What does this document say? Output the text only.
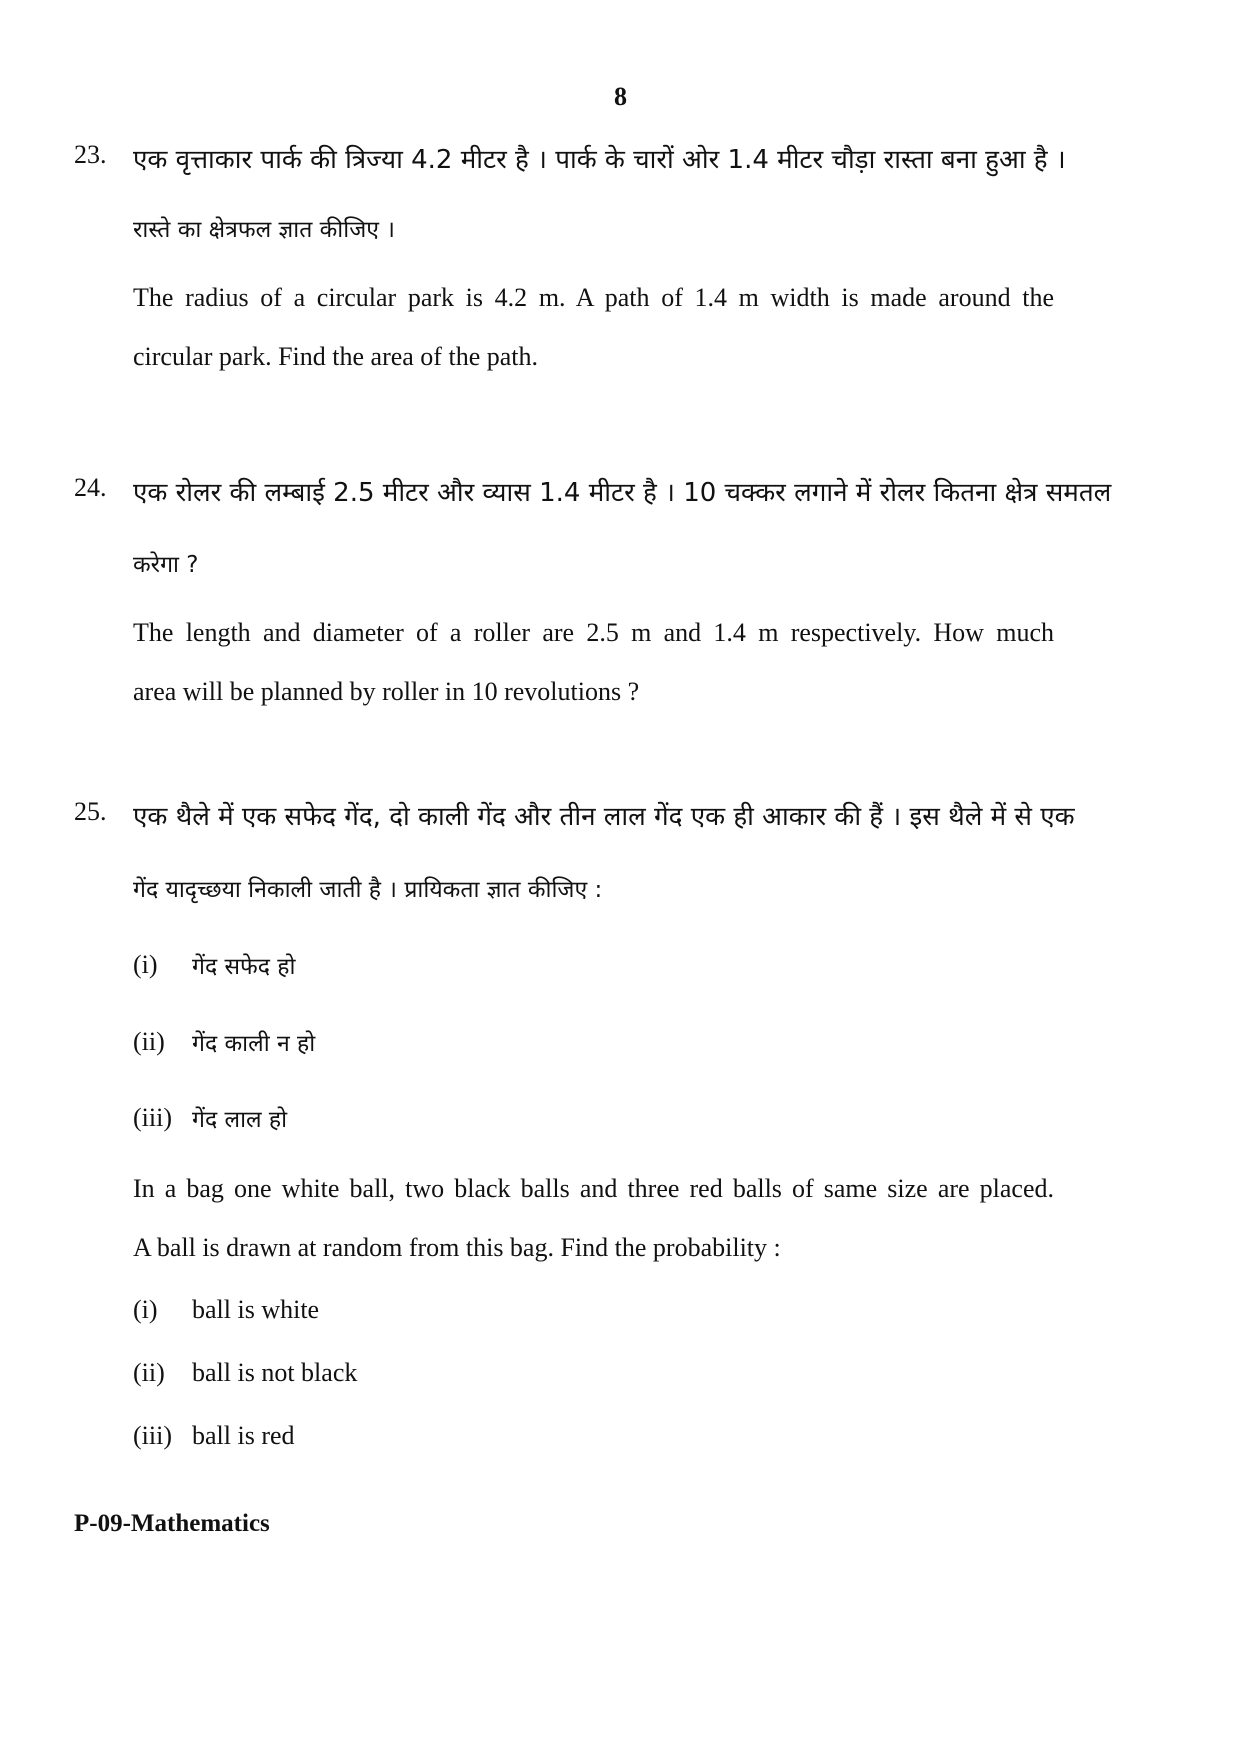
8
23. एक वृत्ताकार पार्क की त्रिज्या 4.2 मीटर है । पार्क के चारों ओर 1.4 मीटर चौड़ा रास्ता बना हुआ है ।
रास्ते का क्षेत्रफल ज्ञात कीजिए ।
The radius of a circular park is 4.2 m. A path of 1.4 m width is made around the
circular park. Find the area of the path.
24. एक रोलर की लम्बाई 2.5 मीटर और व्यास 1.4 मीटर है । 10 चक्कर लगाने में रोलर कितना क्षेत्र समतल
करेगा ?
The length and diameter of a roller are 2.5 m and 1.4 m respectively. How much
area will be planned by roller in 10 revolutions ?
25. एक थैले में एक सफेद गेंद, दो काली गेंद और तीन लाल गेंद एक ही आकार की हैं । इस थैले में से एक
गेंद यादृच्छया निकाली जाती है । प्रायिकता ज्ञात कीजिए :
(i) गेंद सफेद हो
(ii) गेंद काली न हो
(iii) गेंद लाल हो
In a bag one white ball, two black balls and three red balls of same size are placed.
A ball is drawn at random from this bag. Find the probability :
(i) ball is white
(ii) ball is not black
(iii) ball is red
P-09-Mathematics
